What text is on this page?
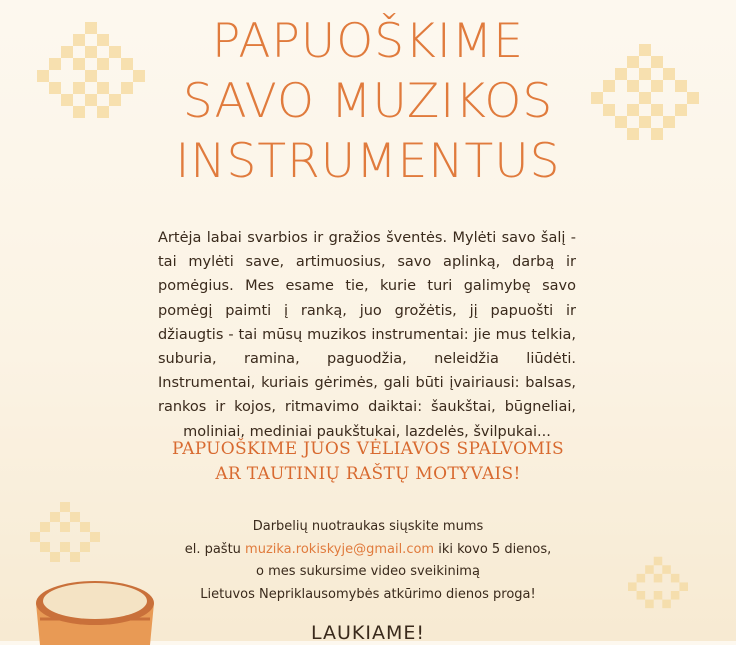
PAPUOŠKIME
SAVO MUZIKOS
INSTRUMENTUS

Artėja labai svarbios ir gražios šventės. Mylėti savo šalį - tai mylėti save, artimuosius, savo aplinką, darbą ir pomėgius. Mes esame tie, kurie turi galimybę savo pomėgį paimti į ranką, juo grožėtis, jį papuošti ir džiaugtis - tai mūsų muzikos instrumentai: jie mus telkia, suburia, ramina, paguodžia, neleidžia liūdėti. Instrumentai, kuriais gėrimės, gali būti įvairiausi: balsas, rankos ir kojos, ritmavimo daiktai: šaukštai, būgneliai, moliniai, mediniai paukštukai, lazdelės, švilpukai...

PAPUOŠKIME JUOS VĖLIAVOS SPALVOMIS
AR TAUTINIŲ RAŠTŲ MOTYVAIS!
Darbelių nuotraukas siųskite mums
el. paštu muzika.rokiskyje@gmail.com iki kovo 5 dienos,
o mes sukursime video sveikinimą
Lietuvos Nepriklausomybės atkūrimo dienos proga!
LAUKIAME!
